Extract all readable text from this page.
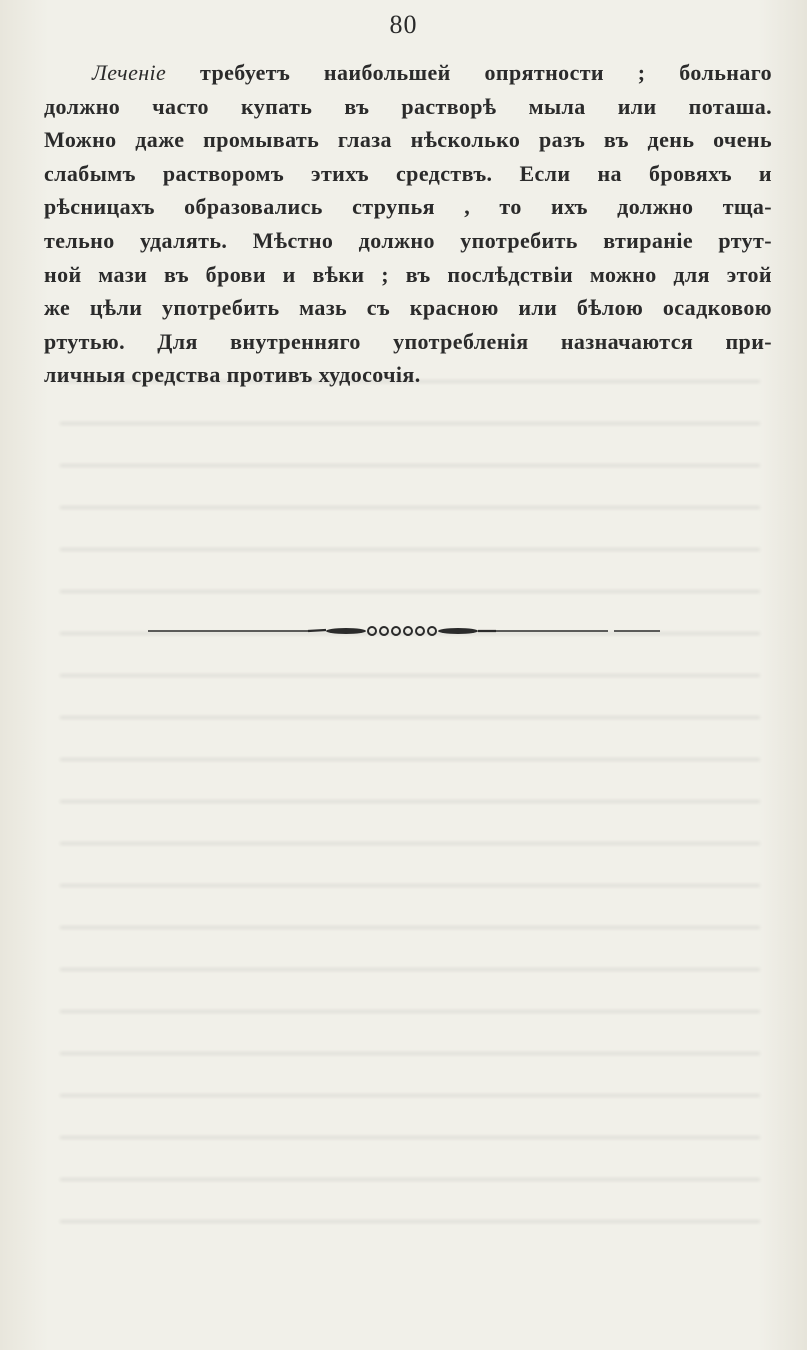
80
Лечeнie требуетъ наибольшей опрятности ; больнаго
должно часто купать въ растворѣ мыла или поташа.
Можно даже промывать глаза нѣсколько разъ въ день очень
слабымъ растворомъ этихъ средствъ. Если на бровяхъ и
рѣсницахъ образовались струпья , то ихъ должно тща-
тельно удалять. Мѣстно должно употребить втираніе ртут-
ной мази въ брови и вѣки ; въ послѣдствіи можно для этой
же цѣли употребить мазь съ красною или бѣлою осадковою
ртутью. Для внутренняго употребленія назначаются при-
личныя средства противъ худосочія.
